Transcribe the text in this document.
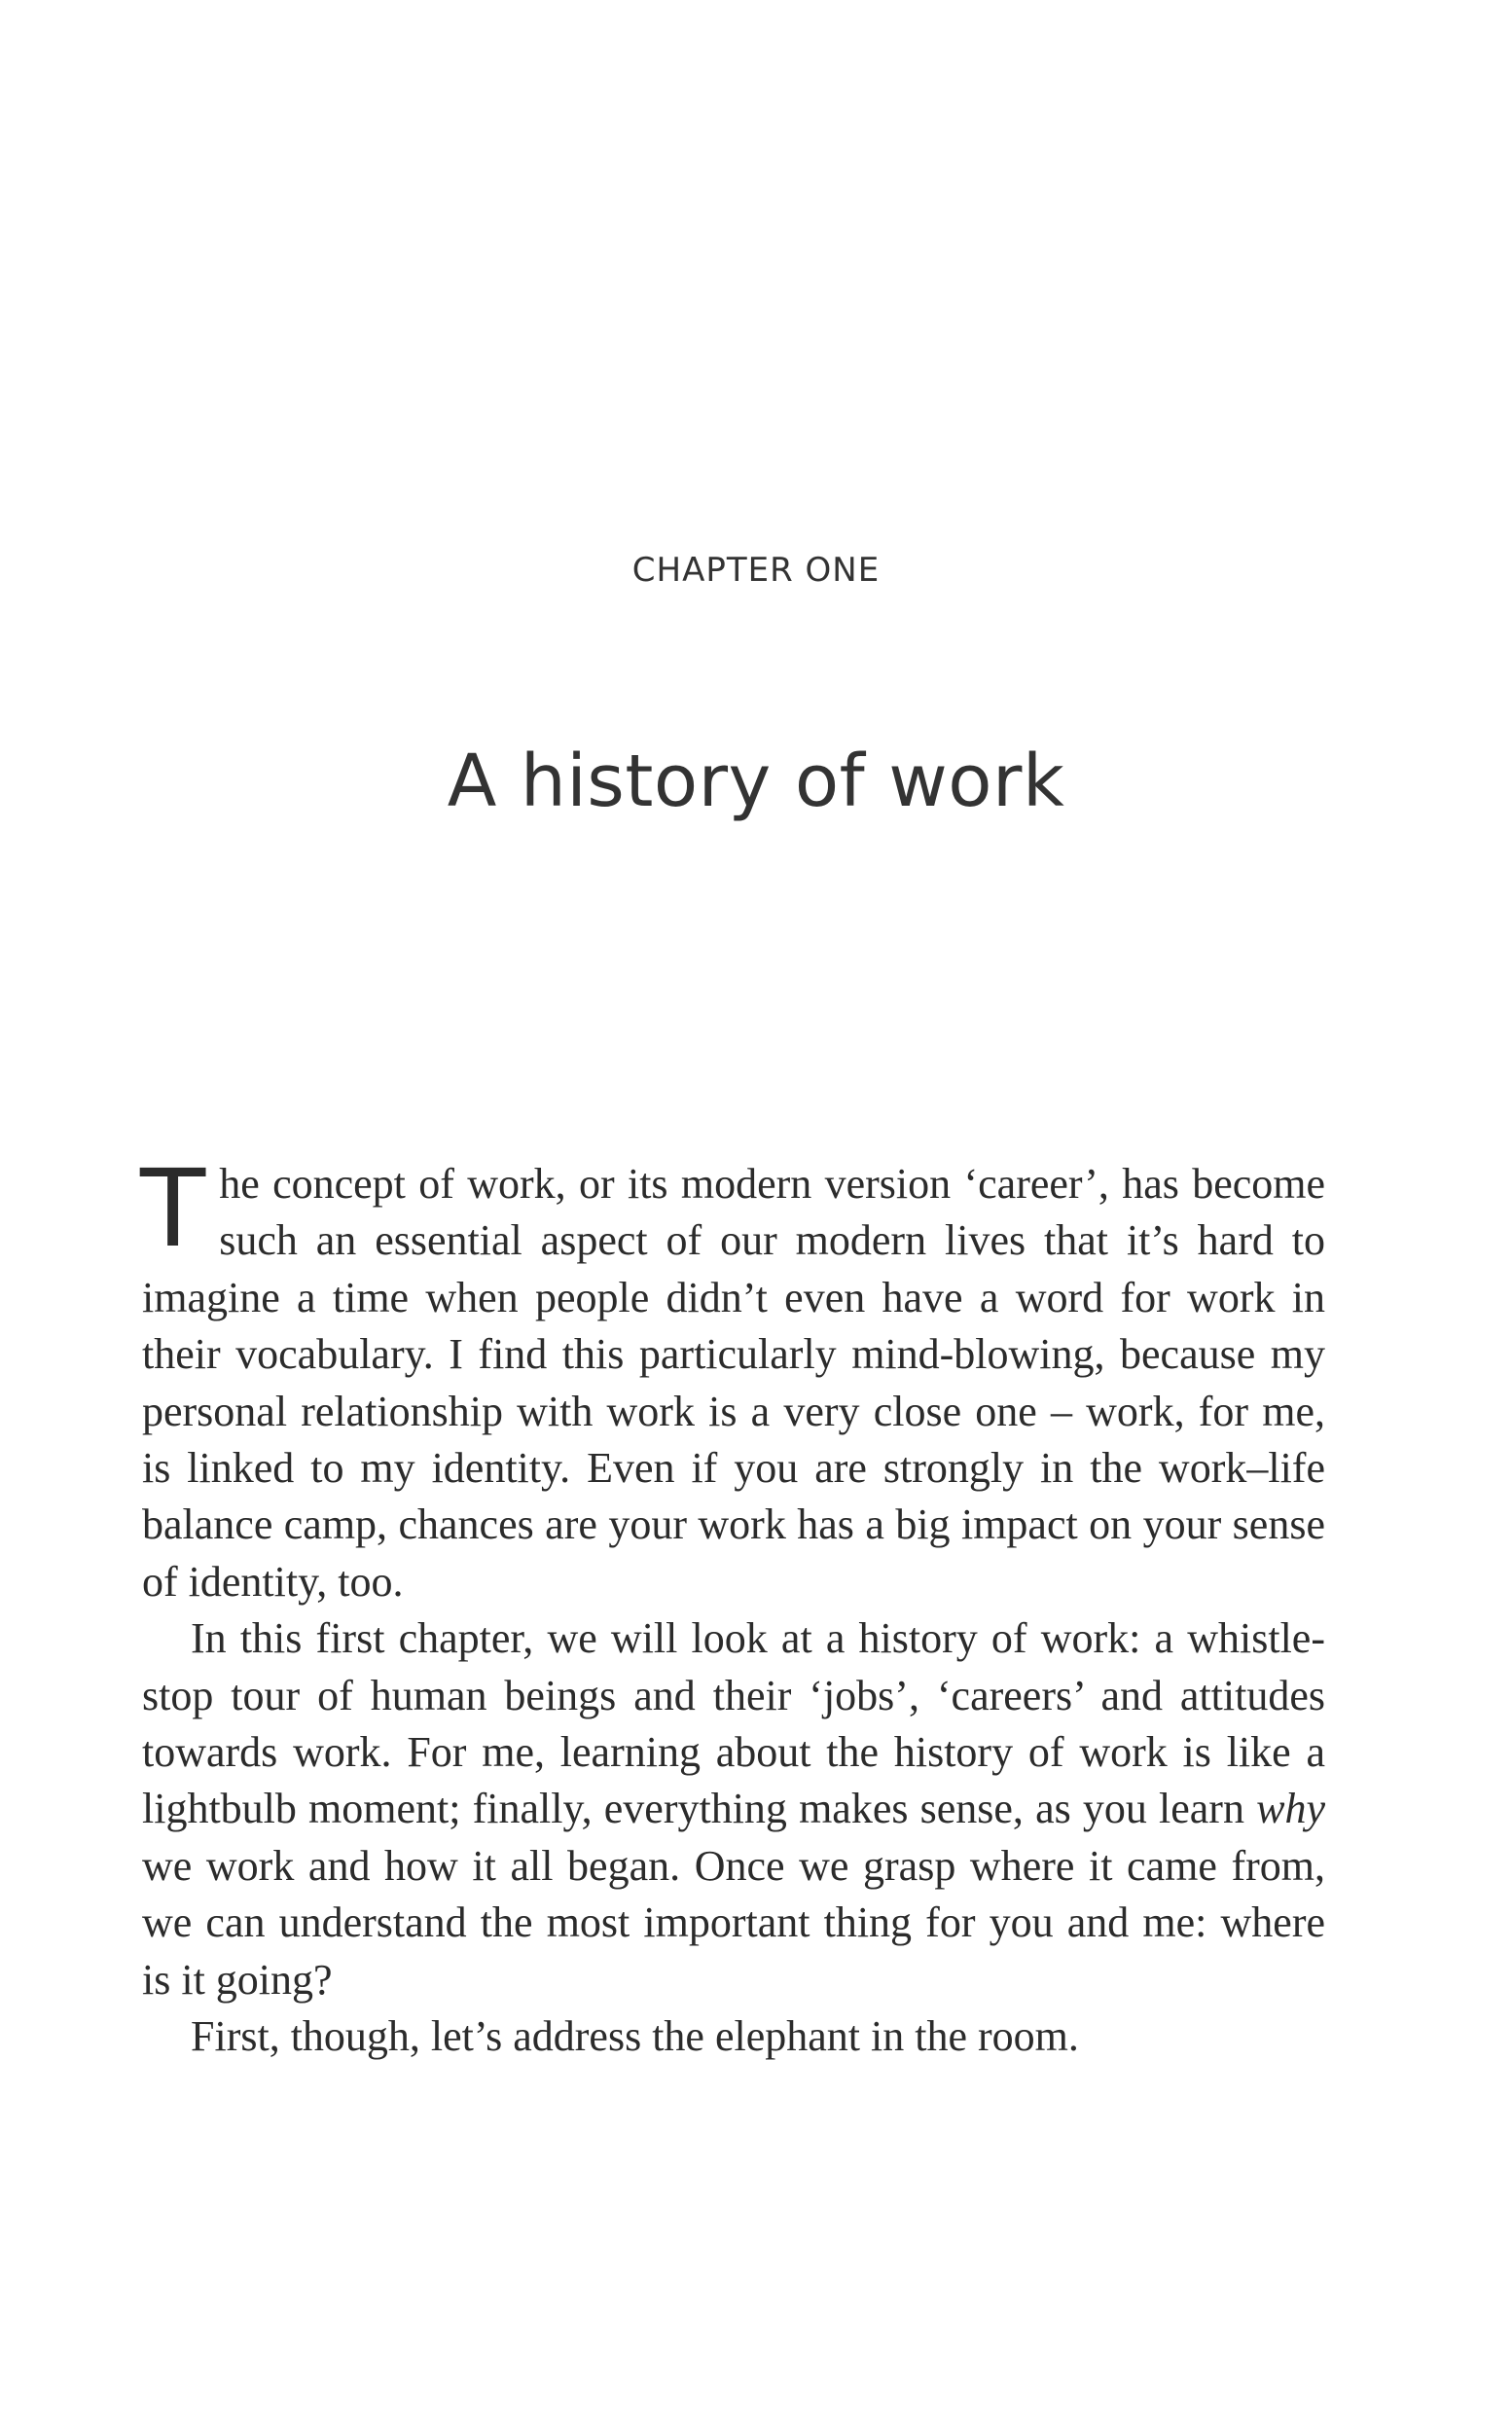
CHAPTER ONE
A history of work

The concept of work, or its modern version ‘career’, has become such an essential aspect of our modern lives that it’s hard to imagine a time when people didn’t even have a word for work in their vocabulary. I find this particularly mind-blowing, because my personal relationship with work is a very close one – work, for me, is linked to my identity. Even if you are strongly in the work–life balance camp, chances are your work has a big impact on your sense of identity, too.

In this first chapter, we will look at a history of work: a whistle-stop tour of human beings and their ‘jobs’, ‘careers’ and attitudes towards work. For me, learning about the history of work is like a lightbulb moment; finally, everything makes sense, as you learn why we work and how it all began. Once we grasp where it came from, we can understand the most important thing for you and me: where is it going?

First, though, let’s address the elephant in the room.
